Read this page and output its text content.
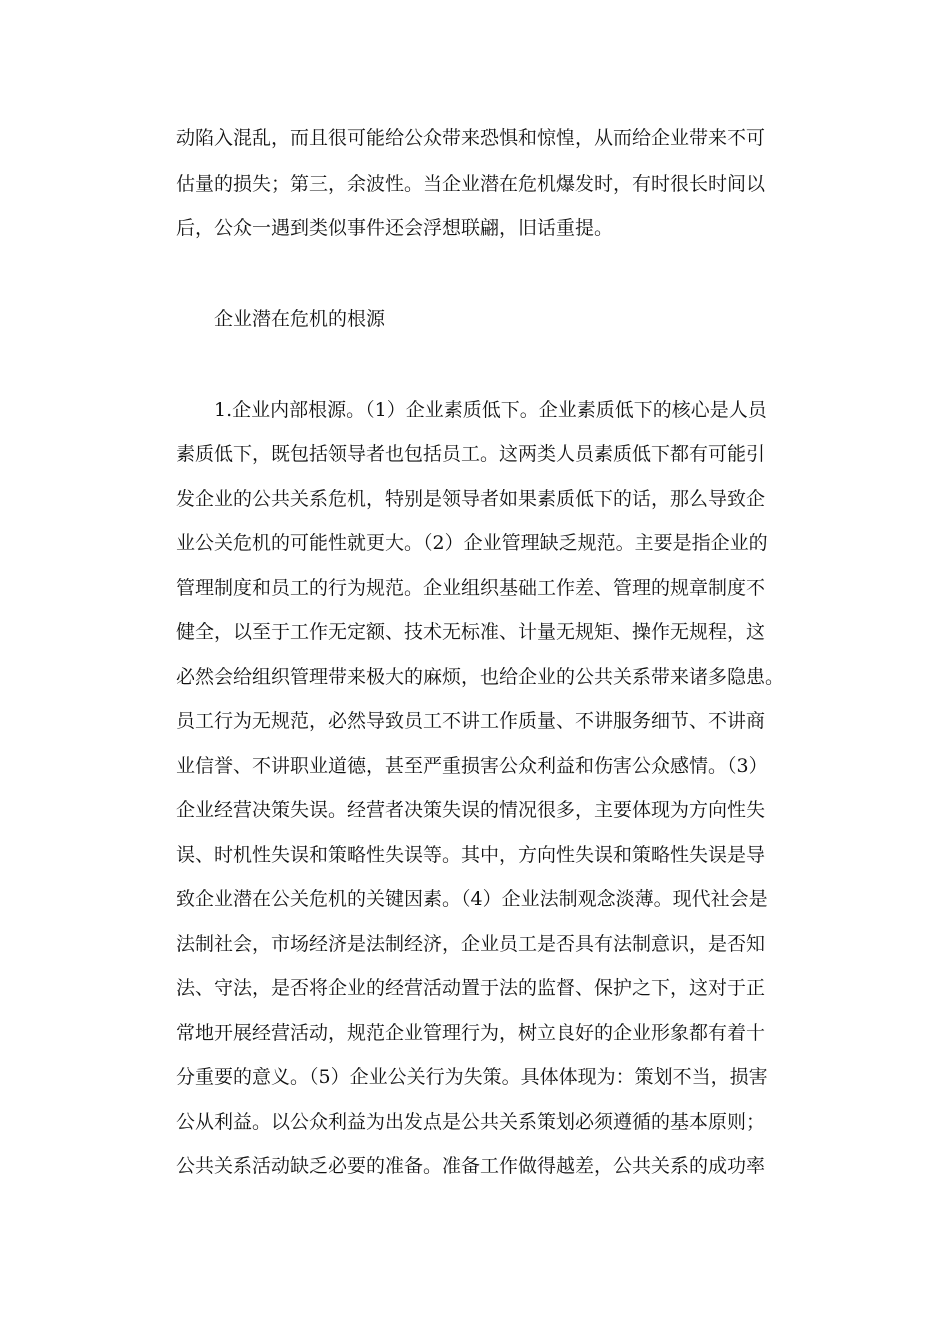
动陷入混乱，而且很可能给公众带来恐惧和惊惶，从而给企业带来不可
估量的损失；第三，余波性。当企业潜在危机爆发时，有时很长时间以
后，公众一遇到类似事件还会浮想联翩，旧话重提。
企业潜在危机的根源
1.企业内部根源。（1）企业素质低下。企业素质低下的核心是人员
素质低下，既包括领导者也包括员工。这两类人员素质低下都有可能引
发企业的公共关系危机，特别是领导者如果素质低下的话，那么导致企
业公关危机的可能性就更大。（2）企业管理缺乏规范。主要是指企业的
管理制度和员工的行为规范。企业组织基础工作差、管理的规章制度不
健全，以至于工作无定额、技术无标准、计量无规矩、操作无规程，这
必然会给组织管理带来极大的麻烦，也给企业的公共关系带来诸多隐患。
员工行为无规范，必然导致员工不讲工作质量、不讲服务细节、不讲商
业信誉、不讲职业道德，甚至严重损害公众利益和伤害公众感情。（3）
企业经营决策失误。经营者决策失误的情况很多，主要体现为方向性失
误、时机性失误和策略性失误等。其中，方向性失误和策略性失误是导
致企业潜在公关危机的关键因素。（4）企业法制观念淡薄。现代社会是
法制社会，市场经济是法制经济，企业员工是否具有法制意识，是否知
法、守法，是否将企业的经营活动置于法的监督、保护之下，这对于正
常地开展经营活动，规范企业管理行为，树立良好的企业形象都有着十
分重要的意义。（5）企业公关行为失策。具体体现为：策划不当，损害
公从利益。以公众利益为出发点是公共关系策划必须遵循的基本原则；
公共关系活动缺乏必要的准备。准备工作做得越差，公共关系的成功率
